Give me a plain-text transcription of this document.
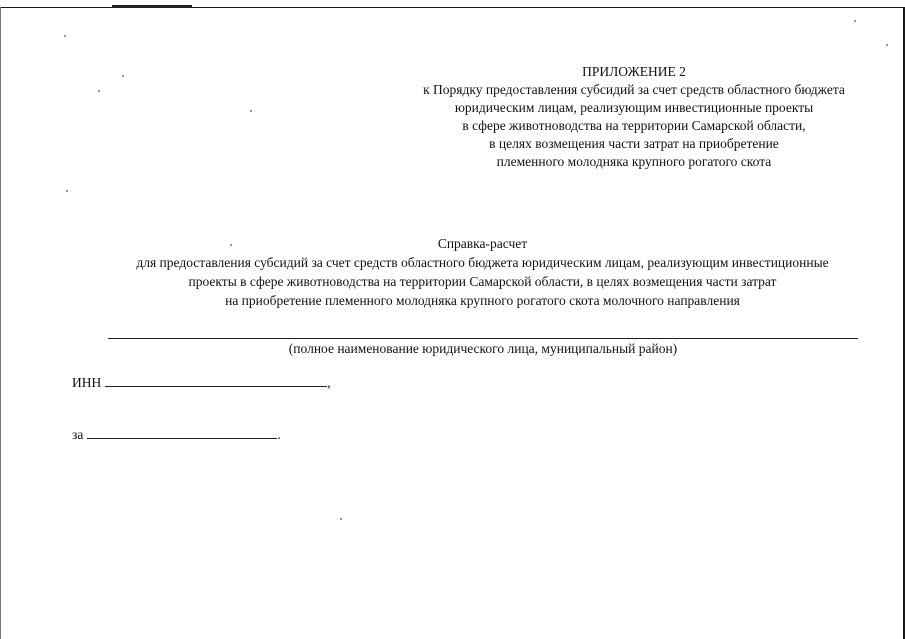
ПРИЛОЖЕНИЕ 2
к Порядку предоставления субсидий за счет средств областного бюджета
юридическим лицам, реализующим инвестиционные проекты
в сфере животноводства на территории Самарской области,
в целях возмещения части затрат на приобретение
племенного молодняка крупного рогатого скота
Справка-расчет
для предоставления субсидий за счет средств областного бюджета юридическим лицам, реализующим инвестиционные
проекты в сфере животноводства на территории Самарской области, в целях возмещения части затрат
на приобретение племенного молодняка крупного рогатого скота молочного направления
(полное наименование юридического лица, муниципальный район)
ИНН	,
за	.
